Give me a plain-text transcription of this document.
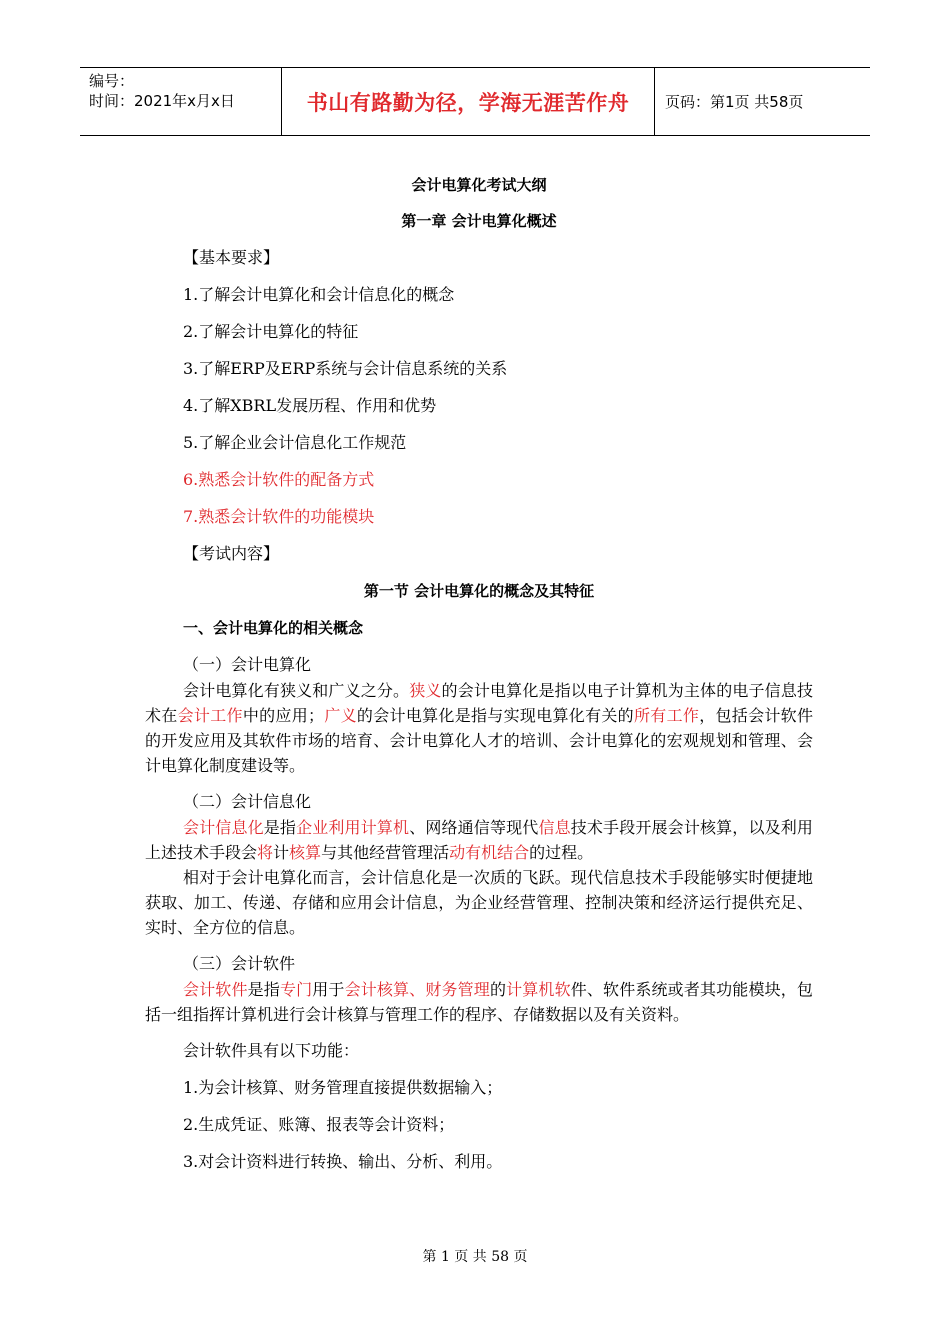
编号：
时间：2021年x月x日	书山有路勤为径，学海无涯苦作舟	页码：第1页 共58页
会计电算化考试大纲
第一章 会计电算化概述
【基本要求】
1.了解会计电算化和会计信息化的概念
2.了解会计电算化的特征
3.了解ERP及ERP系统与会计信息系统的关系
4.了解XBRL发展历程、作用和优势
5.了解企业会计信息化工作规范
6.熟悉会计软件的配备方式
7.熟悉会计软件的功能模块
【考试内容】
第一节 会计电算化的概念及其特征
一、会计电算化的相关概念
（一）会计电算化

会计电算化有狭义和广义之分。狭义的会计电算化是指以电子计算机为主体的电子信息技术在会计工作中的应用；广义的会计电算化是指与实现电算化有关的所有工作，包括会计软件的开发应用及其软件市场的培育、会计电算化人才的培训、会计电算化的宏观规划和管理、会计电算化制度建设等。

（二）会计信息化

会计信息化是指企业利用计算机、网络通信等现代信息技术手段开展会计核算，以及利用上述技术手段会将计核算与其他经营管理活动有机结合的过程。

相对于会计电算化而言，会计信息化是一次质的飞跃。现代信息技术手段能够实时便捷地获取、加工、传递、存储和应用会计信息，为企业经营管理、控制决策和经济运行提供充足、实时、全方位的信息。

（三）会计软件

会计软件是指专门用于会计核算、财务管理的计算机软件、软件系统或者其功能模块，包括一组指挥计算机进行会计核算与管理工作的程序、存储数据以及有关资料。

会计软件具有以下功能：
1.为会计核算、财务管理直接提供数据输入；
2.生成凭证、账簿、报表等会计资料；
3.对会计资料进行转换、输出、分析、利用。
第 1 页 共 58 页
